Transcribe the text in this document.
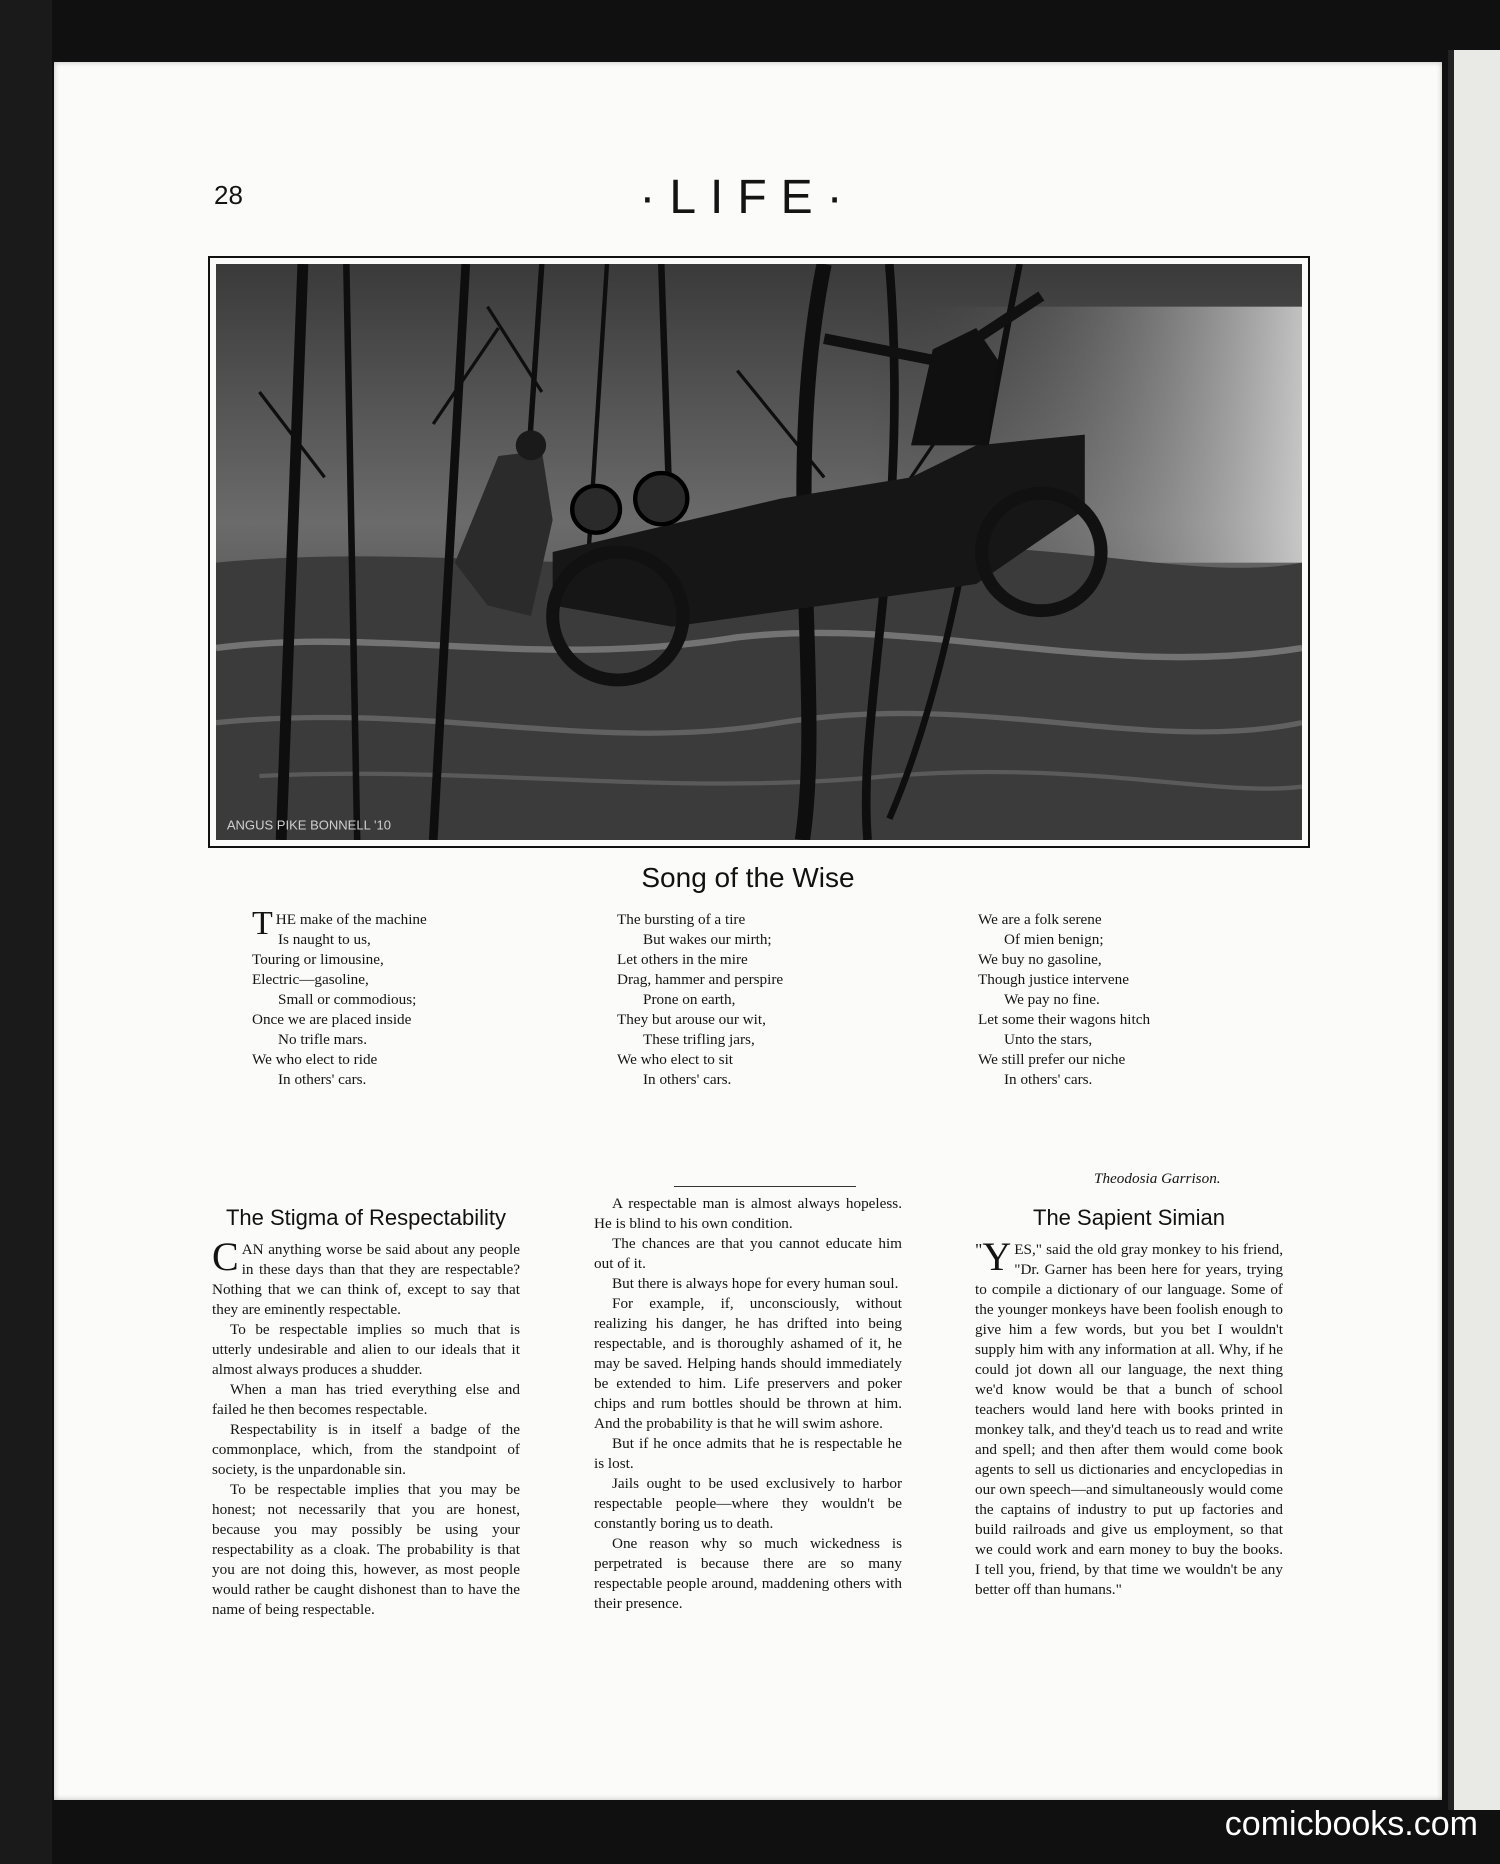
28	·LIFE·
ANGUS PIKE BONNELL '10
Song of the Wise
THE make of the machine
Is naught to us,
Touring or limousine,
Electric—gasoline,
Small or commodious;
Once we are placed inside
No trifle mars.
We who elect to ride
In others' cars.
The bursting of a tire
But wakes our mirth;
Let others in the mire
Drag, hammer and perspire
Prone on earth,
They but arouse our wit,
These trifling jars,
We who elect to sit
In others' cars.
We are a folk serene
Of mien benign;
We buy no gasoline,
Though justice intervene
We pay no fine.
Let some their wagons hitch
Unto the stars,
We still prefer our niche
In others' cars.
Theodosia Garrison.
The Stigma of Respectability

CAN anything worse be said about any people in these days than that they are respectable? Nothing that we can think of, except to say that they are eminently respectable.

To be respectable implies so much that is utterly undesirable and alien to our ideals that it almost always produces a shudder.

When a man has tried everything else and failed he then becomes respectable.

Respectability is in itself a badge of the commonplace, which, from the standpoint of society, is the unpardonable sin.

To be respectable implies that you may be honest; not necessarily that you are honest, because you may possibly be using your respectability as a cloak. The probability is that you are not doing this, however, as most people would rather be caught dishonest than to have the name of being respectable.

A respectable man is almost always hopeless. He is blind to his own condition.

The chances are that you cannot educate him out of it.

But there is always hope for every human soul.

For example, if, unconsciously, without realizing his danger, he has drifted into being respectable, and is thoroughly ashamed of it, he may be saved. Helping hands should immediately be extended to him. Life preservers and poker chips and rum bottles should be thrown at him. And the probability is that he will swim ashore.

But if he once admits that he is respectable he is lost.

Jails ought to be used exclusively to harbor respectable people—where they wouldn't be constantly boring us to death.

One reason why so much wickedness is perpetrated is because there are so many respectable people around, maddening others with their presence.

The Sapient Simian

" Y ES," said the old gray monkey to his friend, "Dr. Garner has been here for years, trying to compile a dictionary of our language. Some of the younger monkeys have been foolish enough to give him a few words, but you bet I wouldn't supply him with any information at all. Why, if he could jot down all our language, the next thing we'd know would be that a bunch of school teachers would land here with books printed in monkey talk, and they'd teach us to read and write and spell; and then after them would come book agents to sell us dictionaries and encyclopedias in our own speech—and simultaneously would come the captains of industry to put up factories and build railroads and give us employment, so that we could work and earn money to buy the books. I tell you, friend, by that time we wouldn't be any better off than humans."

comicbooks.com
